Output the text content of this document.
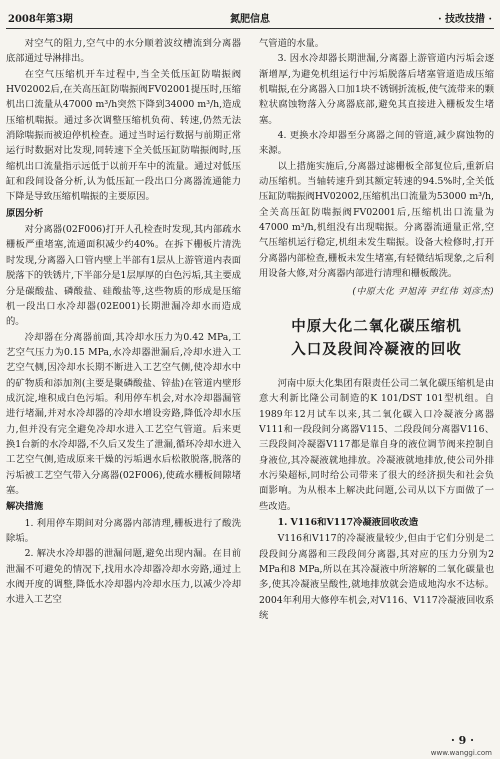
2008年第3期	氮肥信息	· 技改技措 ·

对空气的阻力,空气中的水分顺着波纹槽流到分离器底部通过导淋排出。

在空气压缩机开车过程中,当全关低压缸防喘振阀HV02002后,在关高压缸防喘振阀FV02001提压时,压缩机出口流量从47000 m³/h突然下降到34000 m³/h,造成压缩机喘振。通过多次调整压缩机负荷、转速,仍然无法消除喘振而被迫停机检查。通过当时运行数据与前期正常运行时数据对比发现,同转速下全关低压缸防喘振阀时,压缩机出口流量指示远低于以前开车中的流量。通过对低压缸和段间设备分析,认为低压缸一段出口分离器流通能力下降是导致压缩机喘振的主要原因。

原因分析

对分离器(02F006)打开人孔检查时发现,其内部疏水栅板严重堵塞,流通面积减少约40%。在拆下栅板片清洗时发现,分离器入口管内壁上半部有1层从上游管道内表面脱落下的铁锈片,下半部分是1层厚厚的白色污垢,其主要成分是碳酸盐、磷酸盐、硅酸盐等,这些物质的形成是压缩机一段出口水冷却器(02E001)长期泄漏冷却水而造成的。

冷却器在分离器前面,其冷却水压力为0.42 MPa,工艺空气压力为0.15 MPa,水冷却器泄漏后,冷却水进入工艺空气侧,因冷却水长期不断进入工艺空气侧,使冷却水中的矿物质和添加剂(主要是聚磷酸盐、锌盐)在管道内壁形成沉淀,堆积成白色污垢。利用停车机会,对水冷却器漏管进行堵漏,并对水冷却器的冷却水增设旁路,降低冷却水压力,但并没有完全避免冷却水进入工艺空气管道。后来更换1台新的水冷却器,不久后又发生了泄漏,循环冷却水进入工艺空气侧,造成原来干燥的污垢遇水后松散脱落,脱落的污垢被工艺空气带入分离器(02F006),使疏水栅板间隙堵塞。

解决措施

1. 利用停车期间对分离器内部清理,栅板进行了酸洗除垢。

2. 解决水冷却器的泄漏问题,避免出现内漏。在目前泄漏不可避免的情况下,找用水冷却器冷却水旁路,通过上水阀开度的调整,降低水冷却器内冷却水压力,以减少冷却水进入工艺空

气管道的水量。

3. 因水冷却器长期泄漏,分离器上游管道内污垢会逐渐增厚,为避免机组运行中污垢脱落后堵塞管道造成压缩机喘振,在分离器入口加1块不锈钢折流板,使气流带来的颗粒状腐蚀物落入分离器底部,避免其直接进入栅板发生堵塞。

4. 更换水冷却器至分离器之间的管道,减少腐蚀物的来源。

以上措施实施后,分离器过滤栅板全部复位后,重新启动压缩机。当轴转速升到其额定转速的94.5%时,全关低压缸防喘振阀HV02002,压缩机出口流量为53000 m³/h,全关高压缸防喘振阀FV02001后,压缩机出口流量为47000 m³/h,机组没有出现喘振。分离器流通量正常,空气压缩机运行稳定,机组未发生喘振。设备大检修时,打开分离器内部检查,栅板未发生堵塞,有轻微结垢现象,之后利用设备大修,对分离器内部进行清理和栅板酸洗。

(中原大化 尹旭涛 尹红伟 刘彦杰)
中原大化二氧化碳压缩机
入口及段间冷凝液的回收

河南中原大化集团有限责任公司二氧化碳压缩机是由意大利新比隆公司制造的K 101/DST 101型机组。自1989年12月试车以来,其二氧化碳入口冷凝液分离器V111和一段段间分离器V115、二段段间分离器V116、三段段间冷凝器V117都是靠自身的液位调节阀来控制自身液位,其冷凝液就地排放。冷凝液就地排放,使公司外排水污染超标,同时给公司带来了很大的经济损失和社会负面影响。为从根本上解决此问题,公司从以下方面做了一些改造。

1. V116和V117冷凝液回收改造

V116和V117的冷凝液量较少,但由于它们分别是二段段间分离器和三段段间分离器,其对应的压力分别为2 MPa和8 MPa,所以在其冷凝液中所溶解的二氧化碳量也多,使其冷凝液呈酸性,就地排放就会造成地沟水不达标。2004年利用大修停车机会,对V116、V117冷凝液回收系统

· 9 ·
www.wanggi.com
